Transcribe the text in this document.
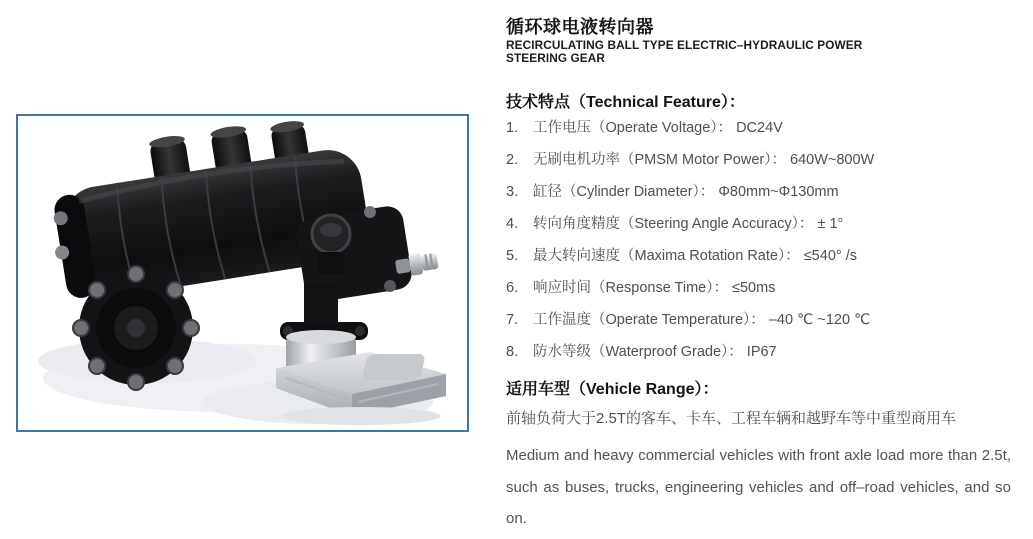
循环球电液转向器
RECIRCULATING BALL TYPE ELECTRIC–HYDRAULIC POWER
STEERING GEAR
技术特点（Technical Feature）：
1. 工作电压（Operate Voltage）： DC24V
2. 无刷电机功率（PMSM Motor Power）： 640W~800W
3. 缸径（Cylinder Diameter）： Φ80mm~Φ130mm
4. 转向角度精度（Steering Angle Accuracy）： ± 1°
5. 最大转向速度（Maxima Rotation Rate）： ≤540° /s
6. 响应时间（Response Time）： ≤50ms
7. 工作温度（Operate Temperature）： –40 ℃ ~120 ℃
8. 防水等级（Waterproof Grade）： IP67
适用车型（Vehicle Range）：
前轴负荷大于2.5T的客车、卡车、工程车辆和越野车等中重型商用车
Medium and heavy commercial vehicles with front axle load more than 2.5t, such as buses, trucks, engineering vehicles and off–road vehicles, and so on.
